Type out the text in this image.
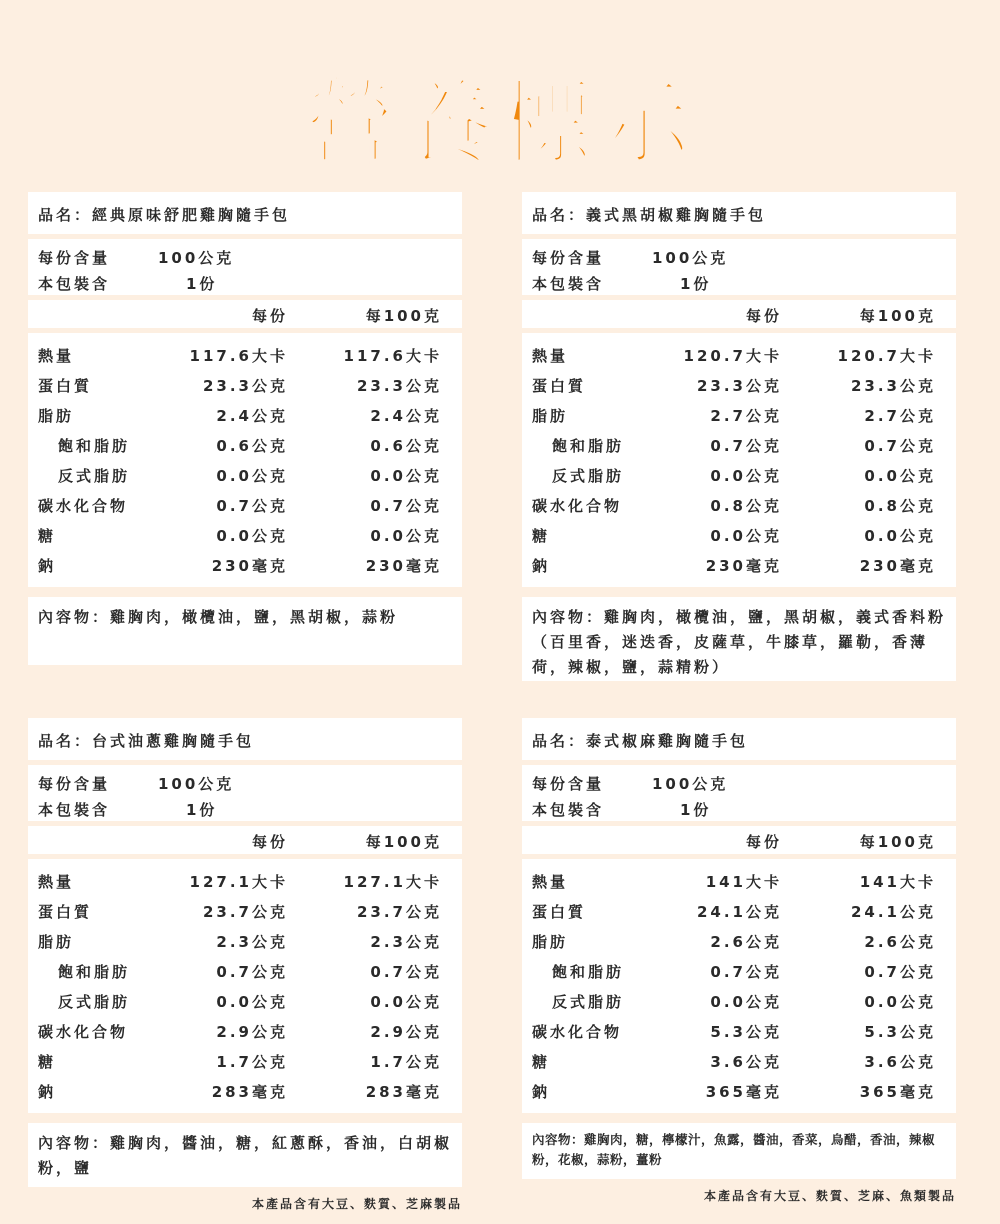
營養標示
品名：經典原味舒肥雞胸隨手包
每份含量	100公克
本包裝含	1份
每份	每100克
熱量	117.6大卡	117.6大卡
蛋白質	23.3公克	23.3公克
脂肪	2.4公克	2.4公克
飽和脂肪	0.6公克	0.6公克
反式脂肪	0.0公克	0.0公克
碳水化合物	0.7公克	0.7公克
糖	0.0公克	0.0公克
鈉	230毫克	230毫克
內容物：雞胸肉，橄欖油，鹽，黑胡椒，蒜粉
品名：義式黑胡椒雞胸隨手包
每份含量	100公克
本包裝含	1份
每份	每100克
熱量	120.7大卡	120.7大卡
蛋白質	23.3公克	23.3公克
脂肪	2.7公克	2.7公克
飽和脂肪	0.7公克	0.7公克
反式脂肪	0.0公克	0.0公克
碳水化合物	0.8公克	0.8公克
糖	0.0公克	0.0公克
鈉	230毫克	230毫克
內容物：雞胸肉，橄欖油，鹽，黑胡椒，義式香料粉（百里香，迷迭香，皮薩草，牛膝草，羅勒，香薄荷，辣椒，鹽，蒜精粉）
品名：台式油蔥雞胸隨手包
每份含量	100公克
本包裝含	1份
每份	每100克
熱量	127.1大卡	127.1大卡
蛋白質	23.7公克	23.7公克
脂肪	2.3公克	2.3公克
飽和脂肪	0.7公克	0.7公克
反式脂肪	0.0公克	0.0公克
碳水化合物	2.9公克	2.9公克
糖	1.7公克	1.7公克
鈉	283毫克	283毫克
內容物：雞胸肉，醬油，糖，紅蔥酥，香油，白胡椒粉，鹽
本產品含有大豆、麩質、芝麻製品
品名：泰式椒麻雞胸隨手包
每份含量	100公克
本包裝含	1份
每份	每100克
熱量	141大卡	141大卡
蛋白質	24.1公克	24.1公克
脂肪	2.6公克	2.6公克
飽和脂肪	0.7公克	0.7公克
反式脂肪	0.0公克	0.0公克
碳水化合物	5.3公克	5.3公克
糖	3.6公克	3.6公克
鈉	365毫克	365毫克
內容物：雞胸肉，糖，檸檬汁，魚露，醬油，香菜，烏醋，香油，辣椒粉，花椒，蒜粉，薑粉
本產品含有大豆、麩質、芝麻、魚類製品
